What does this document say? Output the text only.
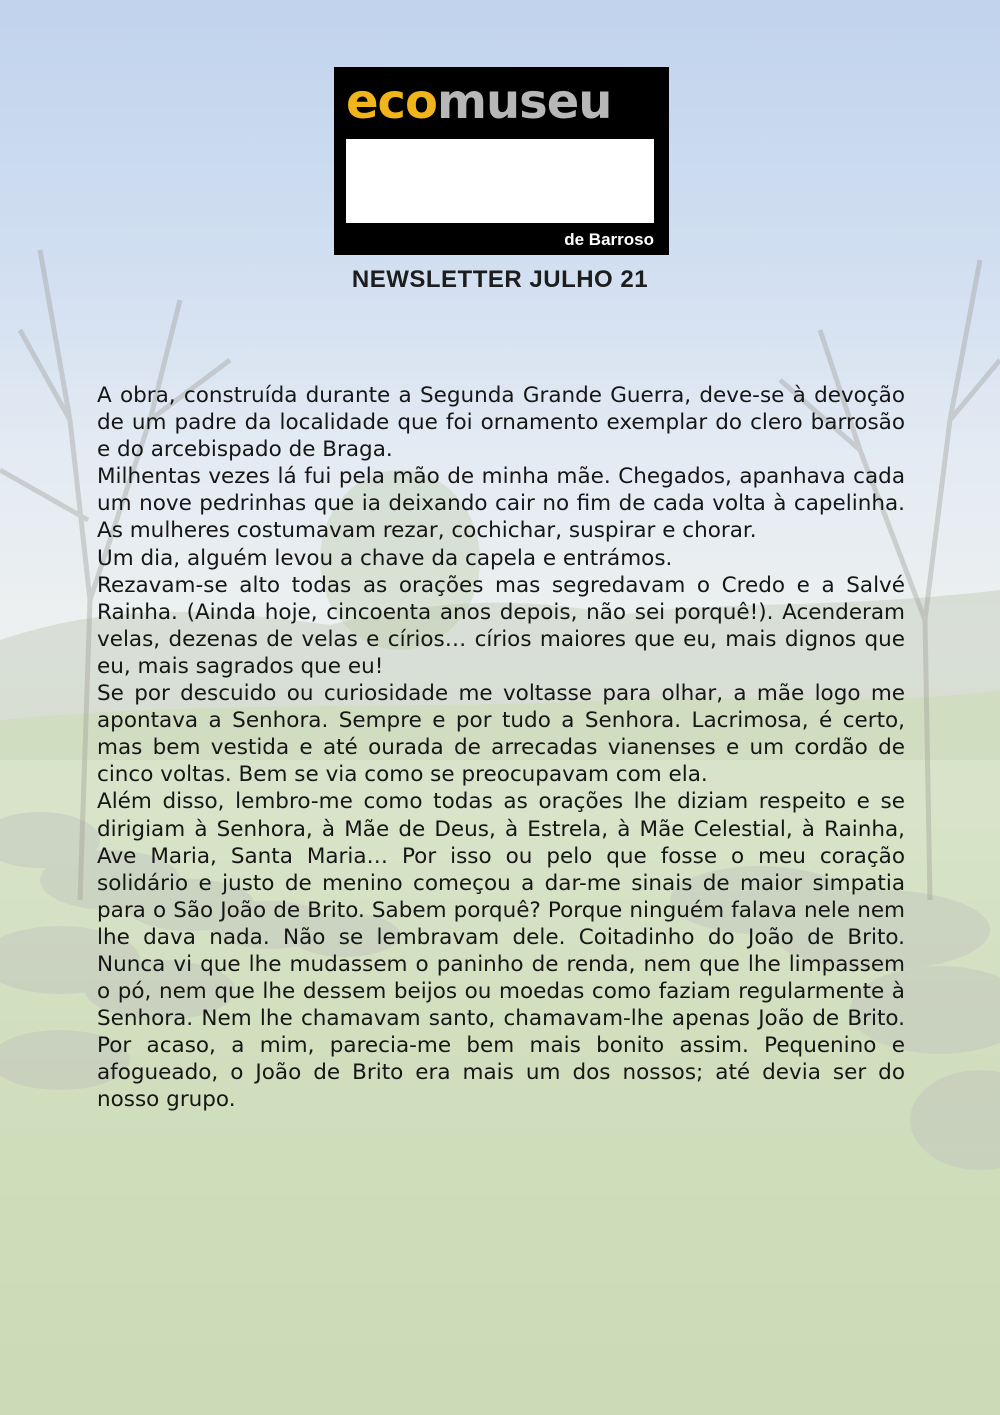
ecomuseu
de Barroso
NEWSLETTER JULHO 21

A obra, construída durante a Segunda Grande Guerra, deve-se à devoção de um padre da localidade que foi ornamento exemplar do clero barrosão e do arcebispado de Braga.

Milhentas vezes lá fui pela mão de minha mãe. Chegados, apanhava cada um nove pedrinhas que ia deixando cair no fim de cada volta à capelinha. As mulheres costumavam rezar, cochichar, suspirar e chorar.

Um dia, alguém levou a chave da capela e entrámos.

Rezavam-se alto todas as orações mas segredavam o Credo e a Salvé Rainha. (Ainda hoje, cincoenta anos depois, não sei porquê!). Acenderam velas, dezenas de velas e círios… círios maiores que eu, mais dignos que eu, mais sagrados que eu!

Se por descuido ou curiosidade me voltasse para olhar, a mãe logo me apontava a Senhora. Sempre e por tudo a Senhora. Lacrimosa, é certo, mas bem vestida e até ourada de arrecadas vianenses e um cordão de cinco voltas. Bem se via como se preocupavam com ela.

Além disso, lembro-me como todas as orações lhe diziam respeito e se dirigiam à Senhora, à Mãe de Deus, à Estrela, à Mãe Celestial, à Rainha, Ave Maria, Santa Maria… Por isso ou pelo que fosse o meu coração solidário e justo de menino começou a dar-me sinais de maior simpatia para o São João de Brito. Sabem porquê? Porque ninguém falava nele nem lhe dava nada. Não se lembravam dele. Coitadinho do João de Brito. Nunca vi que lhe mudassem o paninho de renda, nem que lhe limpassem o pó, nem que lhe dessem beijos ou moedas como faziam regularmente à Senhora. Nem lhe chamavam santo, chamavam-lhe apenas João de Brito. Por acaso, a mim, parecia-me bem mais bonito assim. Pequenino e afogueado, o João de Brito era mais um dos nossos; até devia ser do nosso grupo.
